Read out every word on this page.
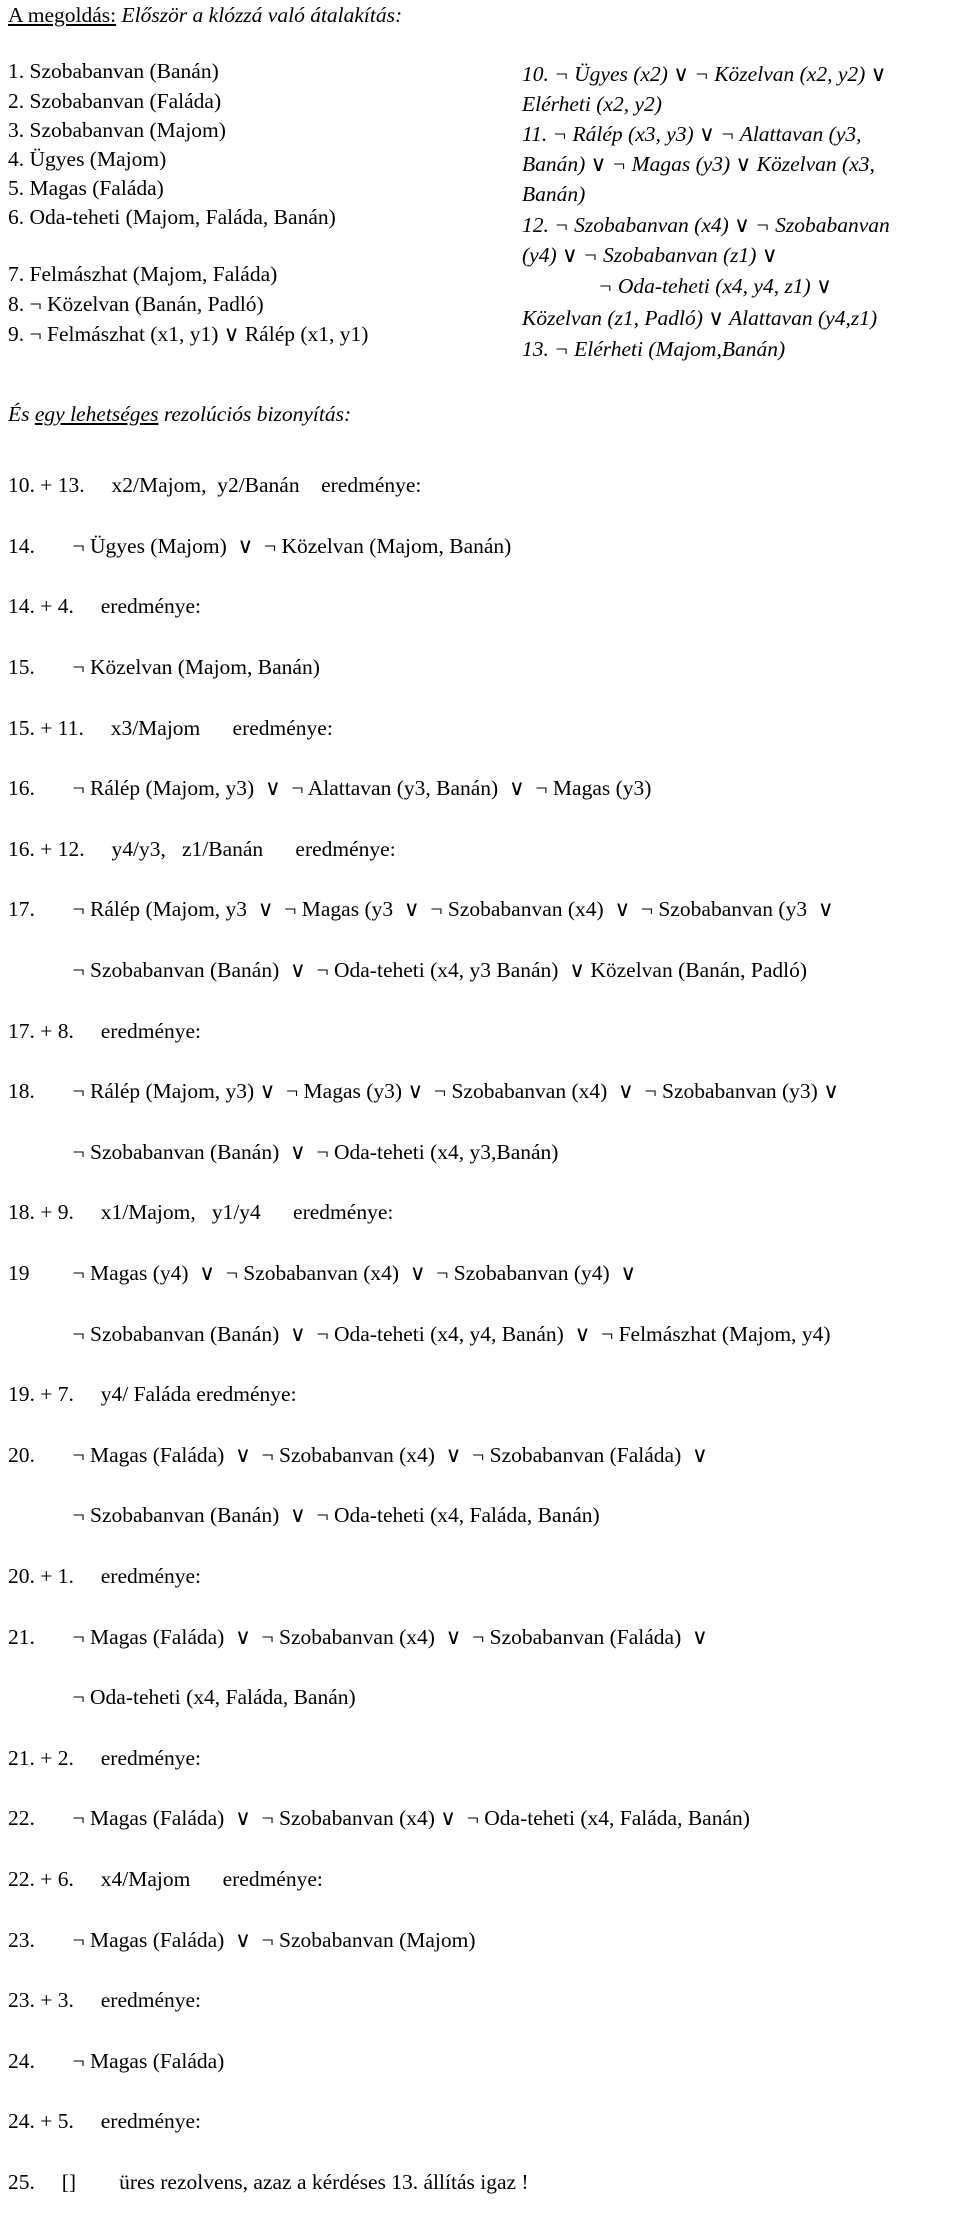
A megoldás: Először a klózzá való átalakítás:
1. Szobabanvan (Banán)
2. Szobabanvan (Faláda)
3. Szobabanvan (Majom)
4. Ügyes (Majom)
5. Magas (Faláda)
6. Oda-teheti (Majom, Faláda, Banán)
7. Felmászhat (Majom, Faláda)
8. ¬ Közelvan (Banán, Padló)
9. ¬ Felmászhat (x1, y1) ∨ Rálép (x1, y1)
10. ¬ Ügyes (x2) ∨ ¬ Közelvan (x2, y2) ∨
Elérheti (x2, y2)
11. ¬ Rálép (x3, y3) ∨ ¬ Alattavan (y3,
Banán) ∨ ¬ Magas (y3) ∨ Közelvan (x3,
Banán)
12. ¬ Szobabanvan (x4) ∨ ¬ Szobabanvan
(y4) ∨ ¬ Szobabanvan (z1) ∨
¬ Oda-teheti (x4, y4, z1) ∨
Közelvan (z1, Padló) ∨ Alattavan (y4,z1)
13. ¬ Elérheti (Majom,Banán)
És egy lehetséges rezolúciós bizonyítás:

10. + 13.     x2/Majom,  y2/Banán    eredménye:

14.       ¬ Ügyes (Majom)  ∨  ¬ Közelvan (Majom, Banán)

14. + 4.     eredménye:

15.       ¬ Közelvan (Majom, Banán)

15. + 11.     x3/Majom      eredménye:

16.       ¬ Rálép (Majom, y3)  ∨  ¬ Alattavan (y3, Banán)  ∨  ¬ Magas (y3)

16. + 12.     y4/y3,   z1/Banán      eredménye:

17.       ¬ Rálép (Majom, y3  ∨  ¬ Magas (y3  ∨  ¬ Szobabanvan (x4)  ∨  ¬ Szobabanvan (y3  ∨

¬ Szobabanvan (Banán)  ∨  ¬ Oda-teheti (x4, y3 Banán)  ∨ Közelvan (Banán, Padló)

17. + 8.     eredménye:

18.       ¬ Rálép (Majom, y3) ∨  ¬ Magas (y3) ∨  ¬ Szobabanvan (x4)  ∨  ¬ Szobabanvan (y3) ∨

¬ Szobabanvan (Banán)  ∨  ¬ Oda-teheti (x4, y3,Banán)

18. + 9.     x1/Majom,   y1/y4      eredménye:

19        ¬ Magas (y4)  ∨  ¬ Szobabanvan (x4)  ∨  ¬ Szobabanvan (y4)  ∨

¬ Szobabanvan (Banán)  ∨  ¬ Oda-teheti (x4, y4, Banán)  ∨  ¬ Felmászhat (Majom, y4)

19. + 7.     y4/ Faláda eredménye:

20.       ¬ Magas (Faláda)  ∨  ¬ Szobabanvan (x4)  ∨  ¬ Szobabanvan (Faláda)  ∨

¬ Szobabanvan (Banán)  ∨  ¬ Oda-teheti (x4, Faláda, Banán)

20. + 1.     eredménye:

21.       ¬ Magas (Faláda)  ∨  ¬ Szobabanvan (x4)  ∨  ¬ Szobabanvan (Faláda)  ∨

¬ Oda-teheti (x4, Faláda, Banán)

21. + 2.     eredménye:

22.       ¬ Magas (Faláda)  ∨  ¬ Szobabanvan (x4) ∨  ¬ Oda-teheti (x4, Faláda, Banán)

22. + 6.     x4/Majom      eredménye:

23.       ¬ Magas (Faláda)  ∨  ¬ Szobabanvan (Majom)

23. + 3.     eredménye:

24.       ¬ Magas (Faláda)

24. + 5.     eredménye:

25.     []        üres rezolvens, azaz a kérdéses 13. állítás igaz !
